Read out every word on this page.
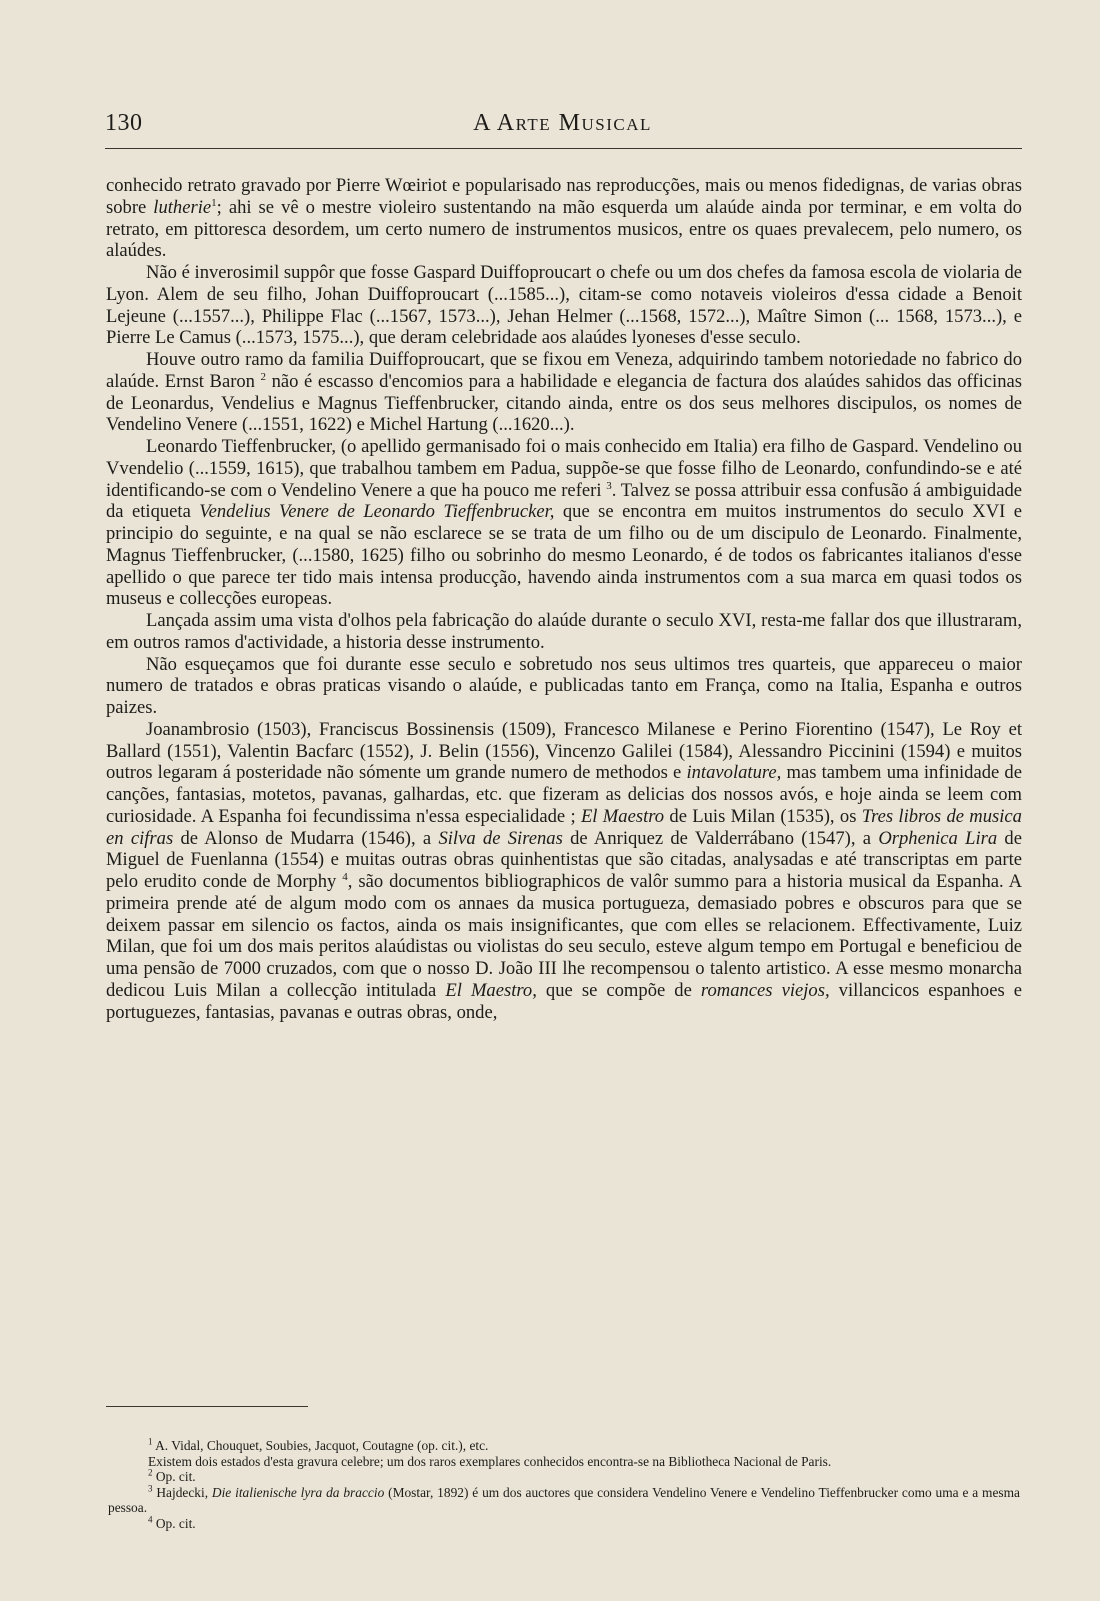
130	A Arte Musical

conhecido retrato gravado por Pierre Wœiriot e popularisado nas reproducções, mais ou menos fidedignas, de varias obras sobre lutherie$^1$; ahi se vê o mestre violeiro sustentando na mão esquerda um alaúde ainda por terminar, e em volta do retrato, em pittoresca desordem, um certo numero de instrumentos musicos, entre os quaes prevalecem, pelo numero, os alaúdes.

Não é inverosimil suppôr que fosse Gaspard Duiffoproucart o chefe ou um dos chefes da famosa escola de violaria de Lyon. Alem de seu filho, Johan Duiffoproucart (...1585...), citam-se como notaveis violeiros d'essa cidade a Benoit Lejeune (...1557...), Philippe Flac (...1567, 1573...), Jehan Helmer (...1568, 1572...), Maître Simon (... 1568, 1573...), e Pierre Le Camus (...1573, 1575...), que deram celebridade aos alaúdes lyoneses d'esse seculo.

Houve outro ramo da familia Duiffoproucart, que se fixou em Veneza, adquirindo tambem notoriedade no fabrico do alaúde. Ernst Baron $^2$ não é escasso d'encomios para a habilidade e elegancia de factura dos alaúdes sahidos das officinas de Leonardus, Vendelius e Magnus Tieffenbrucker, citando ainda, entre os dos seus melhores discipulos, os nomes de Vendelino Venere (...1551, 1622) e Michel Hartung (...1620...).

Leonardo Tieffenbrucker, (o apellido germanisado foi o mais conhecido em Italia) era filho de Gaspard. Vendelino ou Vvendelio (...1559, 1615), que trabalhou tambem em Padua, suppõe-se que fosse filho de Leonardo, confundindo-se e até identificando-se com o Vendelino Venere a que ha pouco me referi $^3$. Talvez se possa attribuir essa confusão á ambiguidade da etiqueta Vendelius Venere de Leonardo Tieffenbrucker, que se encontra em muitos instrumentos do seculo XVI e principio do seguinte, e na qual se não esclarece se se trata de um filho ou de um discipulo de Leonardo. Finalmente, Magnus Tieffenbrucker, (...1580, 1625) filho ou sobrinho do mesmo Leonardo, é de todos os fabricantes italianos d'esse apellido o que parece ter tido mais intensa producção, havendo ainda instrumentos com a sua marca em quasi todos os museus e collecções europeas.

Lançada assim uma vista d'olhos pela fabricação do alaúde durante o seculo XVI, resta-me fallar dos que illustraram, em outros ramos d'actividade, a historia desse instrumento.

Não esqueçamos que foi durante esse seculo e sobretudo nos seus ultimos tres quarteis, que appareceu o maior numero de tratados e obras praticas visando o alaúde, e publicadas tanto em França, como na Italia, Espanha e outros paizes.

Joanambrosio (1503), Franciscus Bossinensis (1509), Francesco Milanese e Perino Fiorentino (1547), Le Roy et Ballard (1551), Valentin Bacfarc (1552), J. Belin (1556), Vincenzo Galilei (1584), Alessandro Piccinini (1594) e muitos outros legaram á posteridade não sómente um grande numero de methodos e intavolature, mas tambem uma infinidade de canções, fantasias, motetos, pavanas, galhardas, etc. que fizeram as delicias dos nossos avós, e hoje ainda se leem com curiosidade. A Espanha foi fecundissima n'essa especialidade ; El Maestro de Luis Milan (1535), os Tres libros de musica en cifras de Alonso de Mudarra (1546), a Silva de Sirenas de Anriquez de Valderrábano (1547), a Orphenica Lira de Miguel de Fuenlanna (1554) e muitas outras obras quinhentistas que são citadas, analysadas e até transcriptas em parte pelo erudito conde de Morphy $^4$, são documentos bibliographicos de valôr summo para a historia musical da Espanha. A primeira prende até de algum modo com os annaes da musica portugueza, demasiado pobres e obscuros para que se deixem passar em silencio os factos, ainda os mais insignificantes, que com elles se relacionem. Effectivamente, Luiz Milan, que foi um dos mais peritos alaúdistas ou violistas do seu seculo, esteve algum tempo em Portugal e beneficiou de uma pensão de 7000 cruzados, com que o nosso D. João III lhe recompensou o talento artistico. A esse mesmo monarcha dedicou Luis Milan a collecção intitulada El Maestro, que se compõe de romances viejos, villancicos espanhoes e portuguezes, fantasias, pavanas e outras obras, onde,

$^1$ A. Vidal, Chouquet, Soubies, Jacquot, Coutagne (op. cit.), etc.

Existem dois estados d'esta gravura celebre; um dos raros exemplares conhecidos encontra-se na Bibliotheca Nacional de Paris.

$^2$ Op. cit.

$^3$ Hajdecki, Die italienische lyra da braccio (Mostar, 1892) é um dos auctores que considera Vendelino Venere e Vendelino Tieffenbrucker como uma e a mesma pessoa.

$^4$ Op. cit.
